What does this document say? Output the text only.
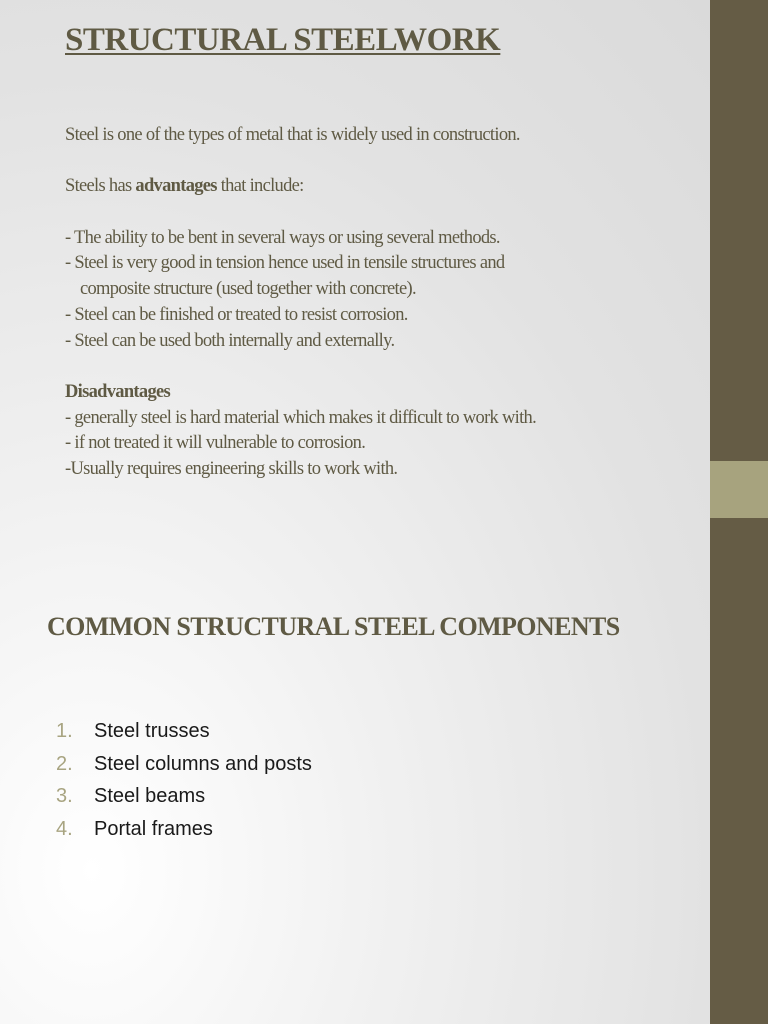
STRUCTURAL STEELWORK

Steel is one of the types of metal that is widely used in construction.

Steels has advantages that include:

- The ability to be bent in several ways or using several methods.

- Steel is very good in tension hence used in tensile structures and

composite structure (used together with concrete).

- Steel can be finished or treated to resist corrosion.

- Steel can be used both internally and externally.

Disadvantages

- generally steel is hard material which makes it difficult to work with.

- if not treated it will vulnerable to corrosion.

-Usually requires engineering skills to work with.

COMMON STRUCTURAL STEEL COMPONENTS
1. Steel trusses
2. Steel columns and posts
3. Steel beams
4. Portal frames
